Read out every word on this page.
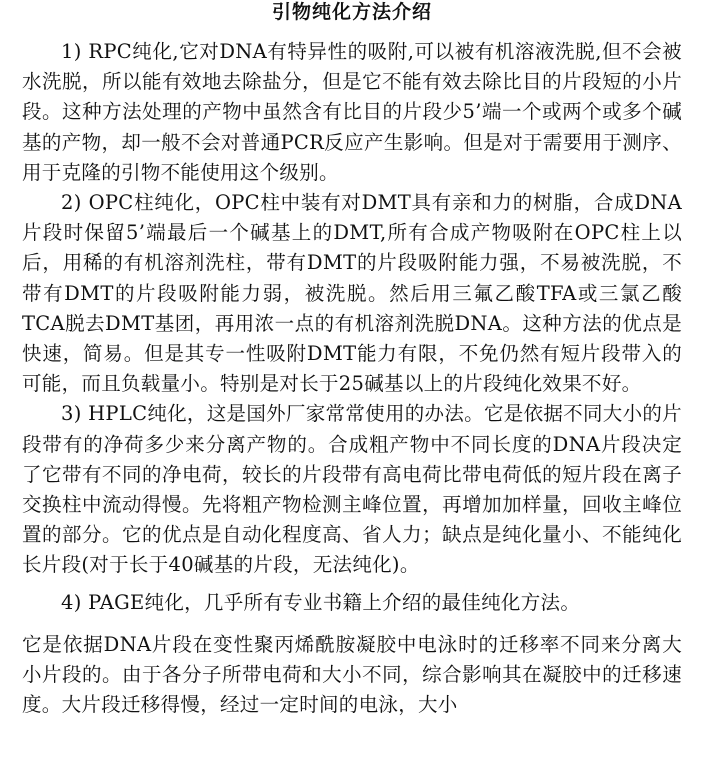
引物纯化方法介绍

1) RPC纯化,它对DNA有特异性的吸附,可以被有机溶液洗脱,但不会被水洗脱，所以能有效地去除盐分，但是它不能有效去除比目的片段短的小片段。这种方法处理的产物中虽然含有比目的片段少5’端一个或两个或多个碱基的产物，却一般不会对普通PCR反应产生影响。但是对于需要用于测序、用于克隆的引物不能使用这个级别。

2) OPC柱纯化，OPC柱中装有对DMT具有亲和力的树脂，合成DNA片段时保留5’端最后一个碱基上的DMT,所有合成产物吸附在OPC柱上以后，用稀的有机溶剂洗柱，带有DMT的片段吸附能力强，不易被洗脱，不带有DMT的片段吸附能力弱，被洗脱。然后用三氟乙酸TFA或三氯乙酸TCA脱去DMT基团，再用浓一点的有机溶剂洗脱DNA。这种方法的优点是快速，简易。但是其专一性吸附DMT能力有限，不免仍然有短片段带入的可能，而且负载量小。特别是对长于25碱基以上的片段纯化效果不好。

3) HPLC纯化，这是国外厂家常常使用的办法。它是依据不同大小的片段带有的净荷多少来分离产物的。合成粗产物中不同长度的DNA片段决定了它带有不同的净电荷，较长的片段带有高电荷比带电荷低的短片段在离子交换柱中流动得慢。先将粗产物检测主峰位置，再增加加样量，回收主峰位置的部分。它的优点是自动化程度高、省人力；缺点是纯化量小、不能纯化长片段(对于长于40碱基的片段，无法纯化)。

4) PAGE纯化，几乎所有专业书籍上介绍的最佳纯化方法。

它是依据DNA片段在变性聚丙烯酰胺凝胶中电泳时的迁移率不同来分离大小片段的。由于各分子所带电荷和大小不同，综合影响其在凝胶中的迁移速度。大片段迁移得慢，经过一定时间的电泳，大小
